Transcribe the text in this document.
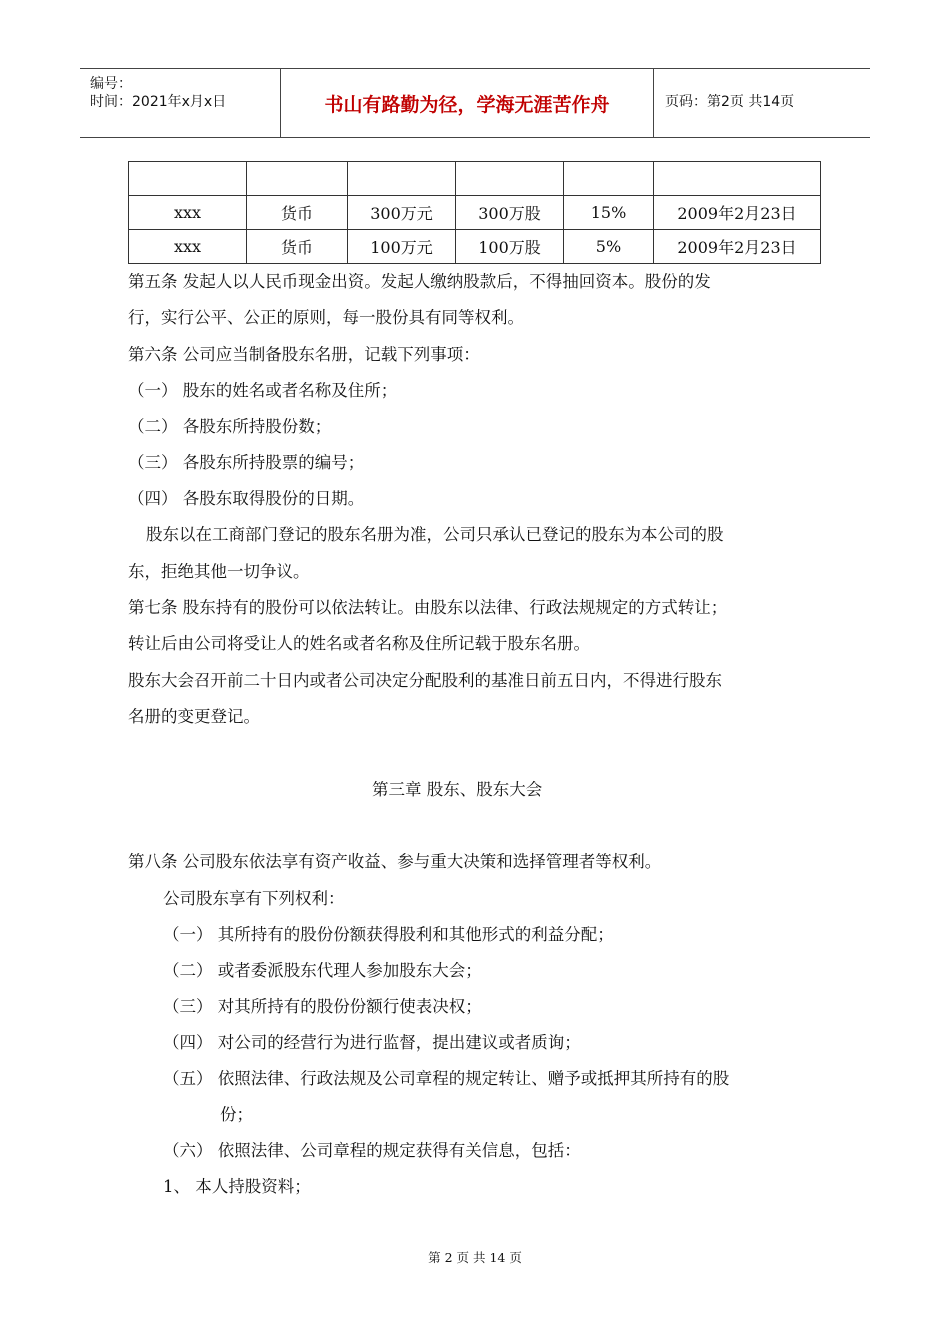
编号：
时间：2021年x月x日	书山有路勤为径，学海无涯苦作舟	页码：第2页 共14页

xxx	货币	300万元	300万股	15%	2009年2月23日
xxx	货币	100万元	100万股	5%	2009年2月23日
第五条 发起人以人民币现金出资。发起人缴纳股款后，不得抽回资本。股份的发
行，实行公平、公正的原则，每一股份具有同等权利。
第六条 公司应当制备股东名册，记载下列事项：
（一） 股东的姓名或者名称及住所；
（二） 各股东所持股份数；
（三） 各股东所持股票的编号；
（四） 各股东取得股份的日期。
股东以在工商部门登记的股东名册为准，公司只承认已登记的股东为本公司的股
东，拒绝其他一切争议。
第七条 股东持有的股份可以依法转让。由股东以法律、行政法规规定的方式转让；
转让后由公司将受让人的姓名或者名称及住所记载于股东名册。
股东大会召开前二十日内或者公司决定分配股利的基准日前五日内，不得进行股东
名册的变更登记。
第三章 股东、股东大会
第八条 公司股东依法享有资产收益、参与重大决策和选择管理者等权利。
公司股东享有下列权利：
（一） 其所持有的股份份额获得股利和其他形式的利益分配；
（二） 或者委派股东代理人参加股东大会；
（三） 对其所持有的股份份额行使表决权；
（四） 对公司的经营行为进行监督，提出建议或者质询；
（五） 依照法律、行政法规及公司章程的规定转让、赠予或抵押其所持有的股
份；
（六） 依照法律、公司章程的规定获得有关信息，包括：
1、 本人持股资料；
第 2 页 共 14 页
